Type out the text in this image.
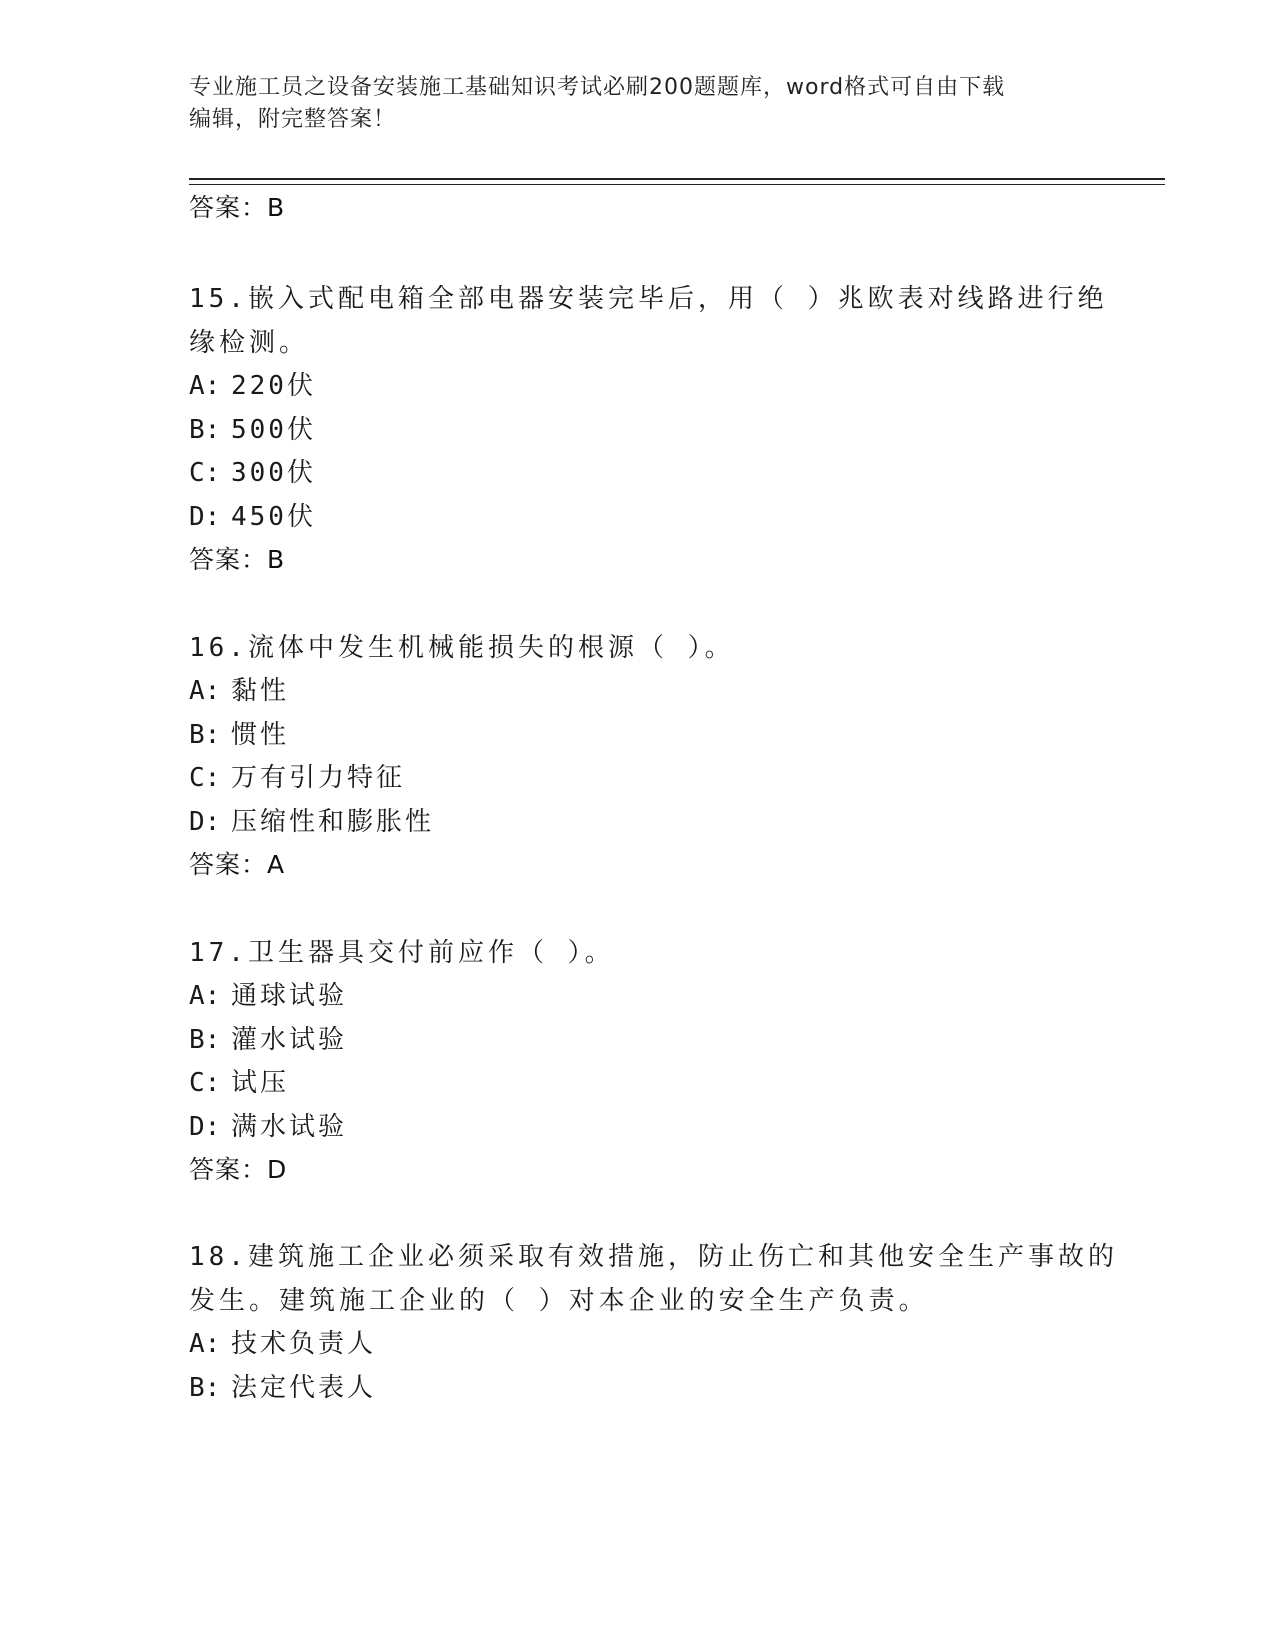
专业施工员之设备安装施工基础知识考试必刷200题题库，word格式可自由下载
编辑，附完整答案！
答案：B
15.嵌入式配电箱全部电器安装完毕后，用（ ）兆欧表对线路进行绝
缘检测。
A: 220伏
B: 500伏
C: 300伏
D: 450伏
答案：B
16.流体中发生机械能损失的根源（ ）。
A: 黏性
B: 惯性
C: 万有引力特征
D: 压缩性和膨胀性
答案：A
17.卫生器具交付前应作（ ）。
A: 通球试验
B: 灌水试验
C: 试压
D: 满水试验
答案：D
18.建筑施工企业必须采取有效措施，防止伤亡和其他安全生产事故的
发生。建筑施工企业的（ ）对本企业的安全生产负责。
A: 技术负责人
B: 法定代表人
